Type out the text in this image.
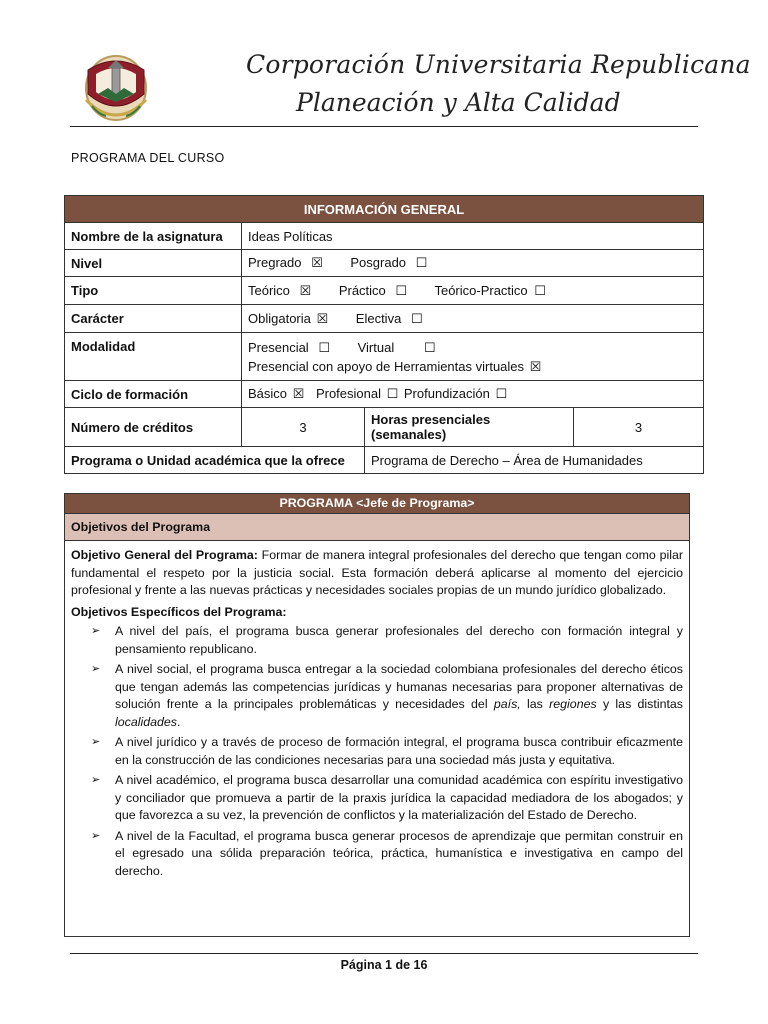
Corporación Universitaria Republicana
Planeación y Alta Calidad
PROGRAMA DEL CURSO
INFORMACIÓN GENERAL			
Nombre de la asignatura	Ideas Políticas		
Nivel	Pregrado ☒ Posgrado ☐		
Tipo	Teórico ☒ Práctico ☐ Teórico-Practico ☐		
Carácter	Obligatoria ☒ Electiva ☐		
Modalidad	Presencial ☐ Virtual ☐
Presencial con apoyo de Herramientas virtuales ☒		
Ciclo de formación	Básico ☒ Profesional ☐ Profundización ☐		
Número de créditos	3	Horas presenciales (semanales)	3
Programa o Unidad académica que la ofrece		Programa de Derecho – Área de Humanidades	
PROGRAMA <Jefe de Programa>
Objetivos del Programa

Objetivo General del Programa: Formar de manera integral profesionales del derecho que tengan como pilar fundamental el respeto por la justicia social. Esta formación deberá aplicarse al momento del ejercicio profesional y frente a las nuevas prácticas y necesidades sociales propias de un mundo jurídico globalizado.

Objetivos Específicos del Programa:

➢ A nivel del país, el programa busca generar profesionales del derecho con formación integral y pensamiento republicano.
➢ A nivel social, el programa busca entregar a la sociedad colombiana profesionales del derecho éticos que tengan además las competencias jurídicas y humanas necesarias para proponer alternativas de solución frente a la principales problemáticas y necesidades del país, las regiones y las distintas localidades.
➢ A nivel jurídico y a través de proceso de formación integral, el programa busca contribuir eficazmente en la construcción de las condiciones necesarias para una sociedad más justa y equitativa.
➢ A nivel académico, el programa busca desarrollar una comunidad académica con espíritu investigativo y conciliador que promueva a partir de la praxis jurídica la capacidad mediadora de los abogados; y que favorezca a su vez, la prevención de conflictos y la materialización del Estado de Derecho.
➢ A nivel de la Facultad, el programa busca generar procesos de aprendizaje que permitan construir en el egresado una sólida preparación teórica, práctica, humanística e investigativa en campo del derecho.
Página 1 de 16
